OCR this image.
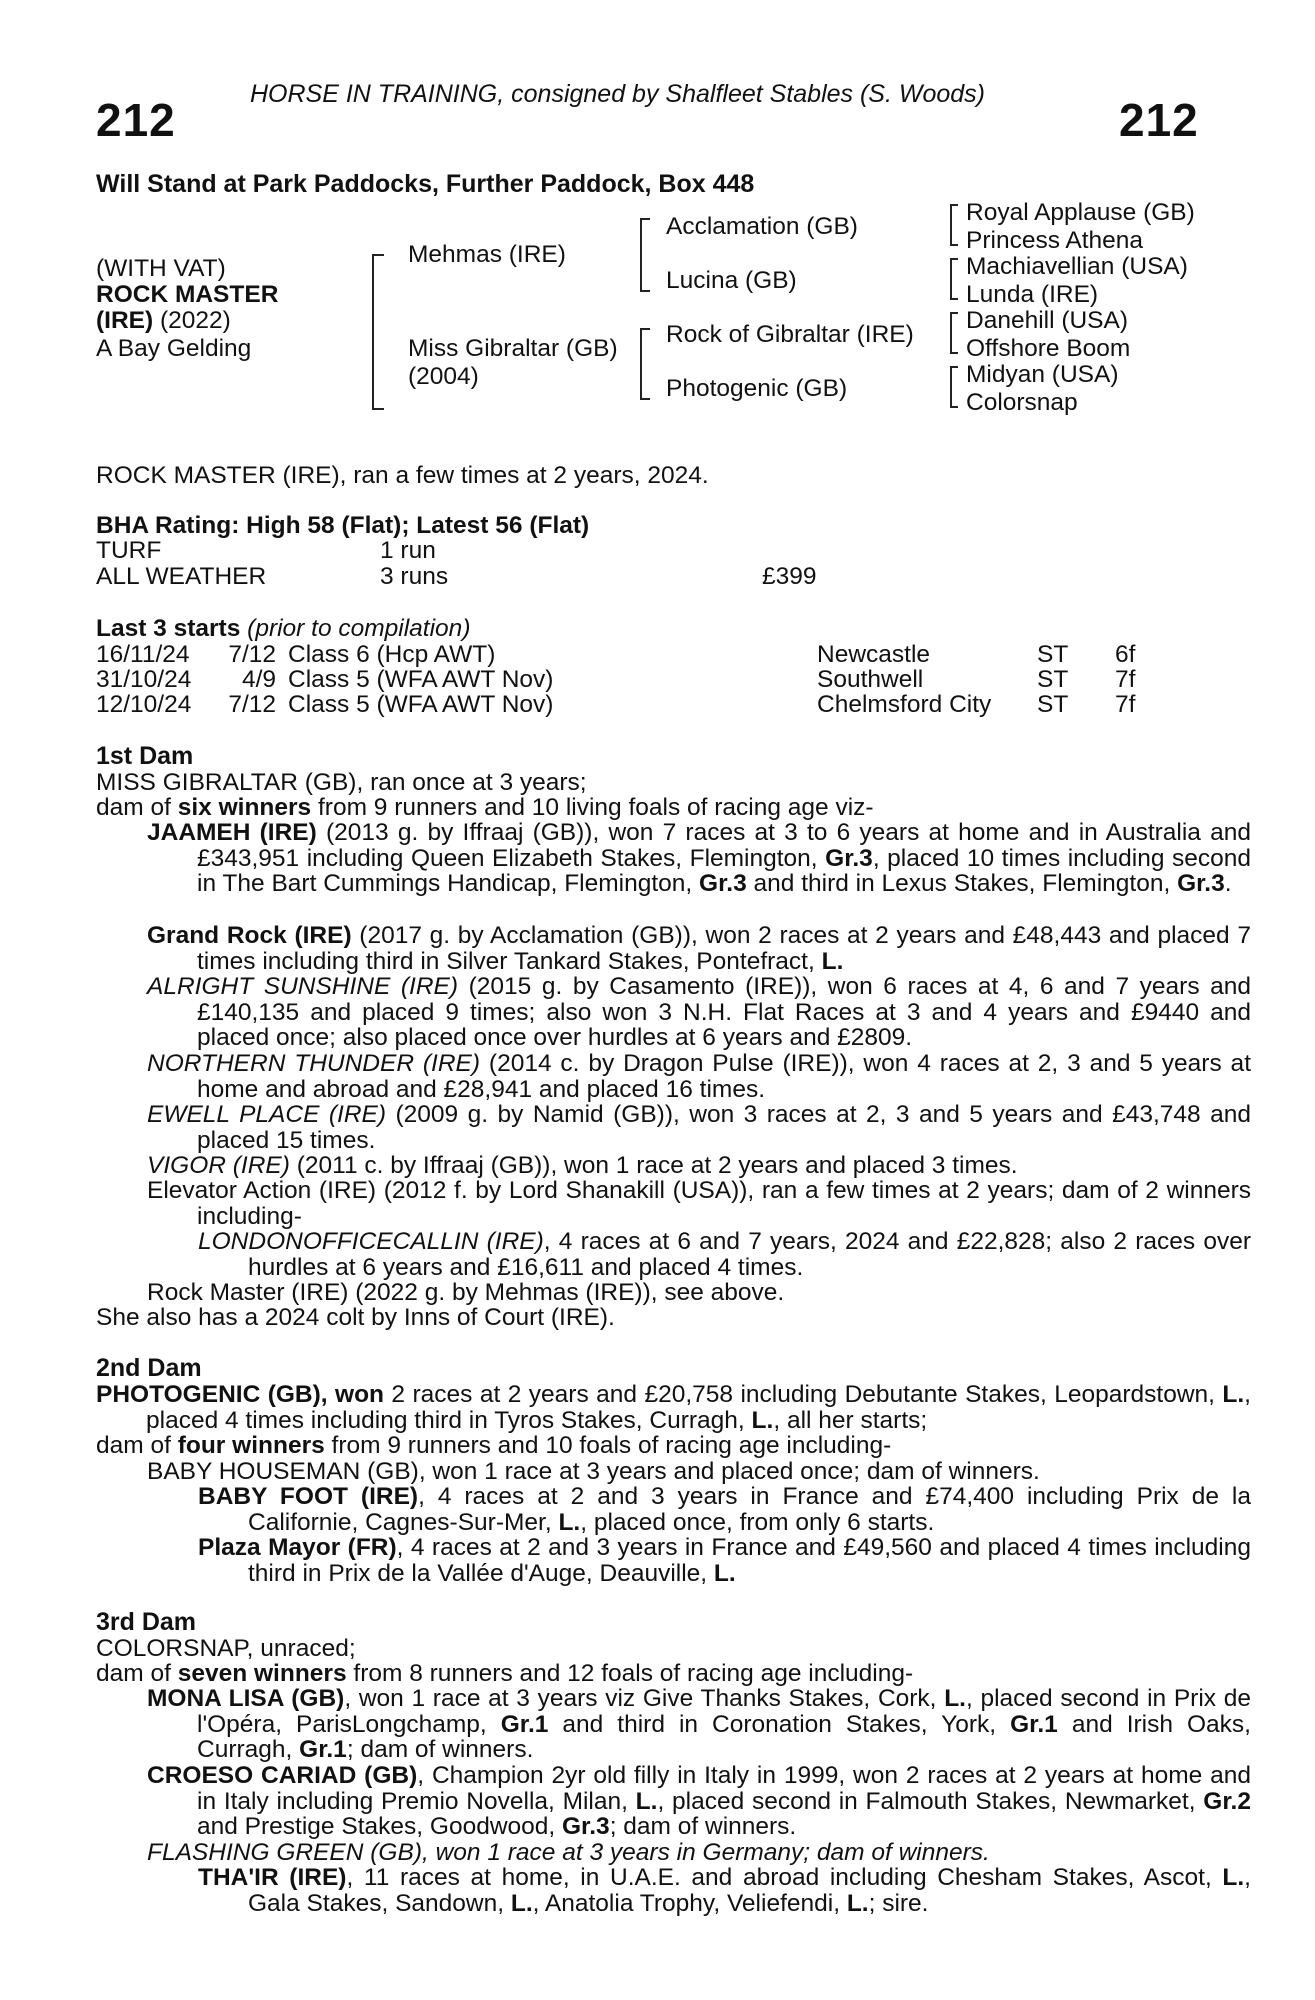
HORSE IN TRAINING, consigned by Shalfleet Stables (S. Woods)
212	212
Will Stand at Park Paddocks, Further Paddock, Box 448
(WITH VAT)
ROCK MASTER
(IRE) (2022)
A Bay Gelding
Mehmas (IRE)
Miss Gibraltar (GB)
(2004)
Acclamation (GB)
Lucina (GB)
Rock of Gibraltar (IRE)
Photogenic (GB)
Royal Applause (GB)
Princess Athena
Machiavellian (USA)
Lunda (IRE)
Danehill (USA)
Offshore Boom
Midyan (USA)
Colorsnap
ROCK MASTER (IRE), ran a few times at 2 years, 2024.
BHA Rating: High 58 (Flat); Latest 56 (Flat)
TURF	1 run
ALL WEATHER	3 runs	£399
Last 3 starts (prior to compilation)
16/11/24	7/12 Class 6 (Hcp AWT)	Newcastle	ST 6f
31/10/24	4/9 Class 5 (WFA AWT Nov)	Southwell	ST 7f
12/10/24	7/12 Class 5 (WFA AWT Nov)	Chelmsford City ST 7f
1st Dam
MISS GIBRALTAR (GB), ran once at 3 years;
dam of six winners from 9 runners and 10 living foals of racing age viz-
JAAMEH (IRE) (2013 g. by Iffraaj (GB)), won 7 races at 3 to 6 years at home and in Australia and £343,951 including Queen Elizabeth Stakes, Flemington, Gr.3, placed 10 times including second in The Bart Cummings Handicap, Flemington, Gr.3 and third in Lexus Stakes, Flemington, Gr.3.
Grand Rock (IRE) (2017 g. by Acclamation (GB)), won 2 races at 2 years and £48,443 and placed 7 times including third in Silver Tankard Stakes, Pontefract, L.
ALRIGHT SUNSHINE (IRE) (2015 g. by Casamento (IRE)), won 6 races at 4, 6 and 7 years and £140,135 and placed 9 times; also won 3 N.H. Flat Races at 3 and 4 years and £9440 and placed once; also placed once over hurdles at 6 years and £2809.
NORTHERN THUNDER (IRE) (2014 c. by Dragon Pulse (IRE)), won 4 races at 2, 3 and 5 years at home and abroad and £28,941 and placed 16 times.
EWELL PLACE (IRE) (2009 g. by Namid (GB)), won 3 races at 2, 3 and 5 years and £43,748 and placed 15 times.
VIGOR (IRE) (2011 c. by Iffraaj (GB)), won 1 race at 2 years and placed 3 times.
Elevator Action (IRE) (2012 f. by Lord Shanakill (USA)), ran a few times at 2 years; dam of 2 winners including-
LONDONOFFICECALLIN (IRE), 4 races at 6 and 7 years, 2024 and £22,828; also 2 races over hurdles at 6 years and £16,611 and placed 4 times.
Rock Master (IRE) (2022 g. by Mehmas (IRE)), see above.
She also has a 2024 colt by Inns of Court (IRE).
2nd Dam
PHOTOGENIC (GB), won 2 races at 2 years and £20,758 including Debutante Stakes, Leopardstown, L., placed 4 times including third in Tyros Stakes, Curragh, L., all her starts;
dam of four winners from 9 runners and 10 foals of racing age including-
BABY HOUSEMAN (GB), won 1 race at 3 years and placed once; dam of winners.
BABY FOOT (IRE), 4 races at 2 and 3 years in France and £74,400 including Prix de la Californie, Cagnes-Sur-Mer, L., placed once, from only 6 starts.
Plaza Mayor (FR), 4 races at 2 and 3 years in France and £49,560 and placed 4 times including third in Prix de la Vallée d'Auge, Deauville, L.
3rd Dam
COLORSNAP, unraced;
dam of seven winners from 8 runners and 12 foals of racing age including-
MONA LISA (GB), won 1 race at 3 years viz Give Thanks Stakes, Cork, L., placed second in Prix de l'Opéra, ParisLongchamp, Gr.1 and third in Coronation Stakes, York, Gr.1 and Irish Oaks, Curragh, Gr.1; dam of winners.
CROESO CARIAD (GB), Champion 2yr old filly in Italy in 1999, won 2 races at 2 years at home and in Italy including Premio Novella, Milan, L., placed second in Falmouth Stakes, Newmarket, Gr.2 and Prestige Stakes, Goodwood, Gr.3; dam of winners.
FLASHING GREEN (GB), won 1 race at 3 years in Germany; dam of winners.
THA'IR (IRE), 11 races at home, in U.A.E. and abroad including Chesham Stakes, Ascot, L., Gala Stakes, Sandown, L., Anatolia Trophy, Veliefendi, L.; sire.
